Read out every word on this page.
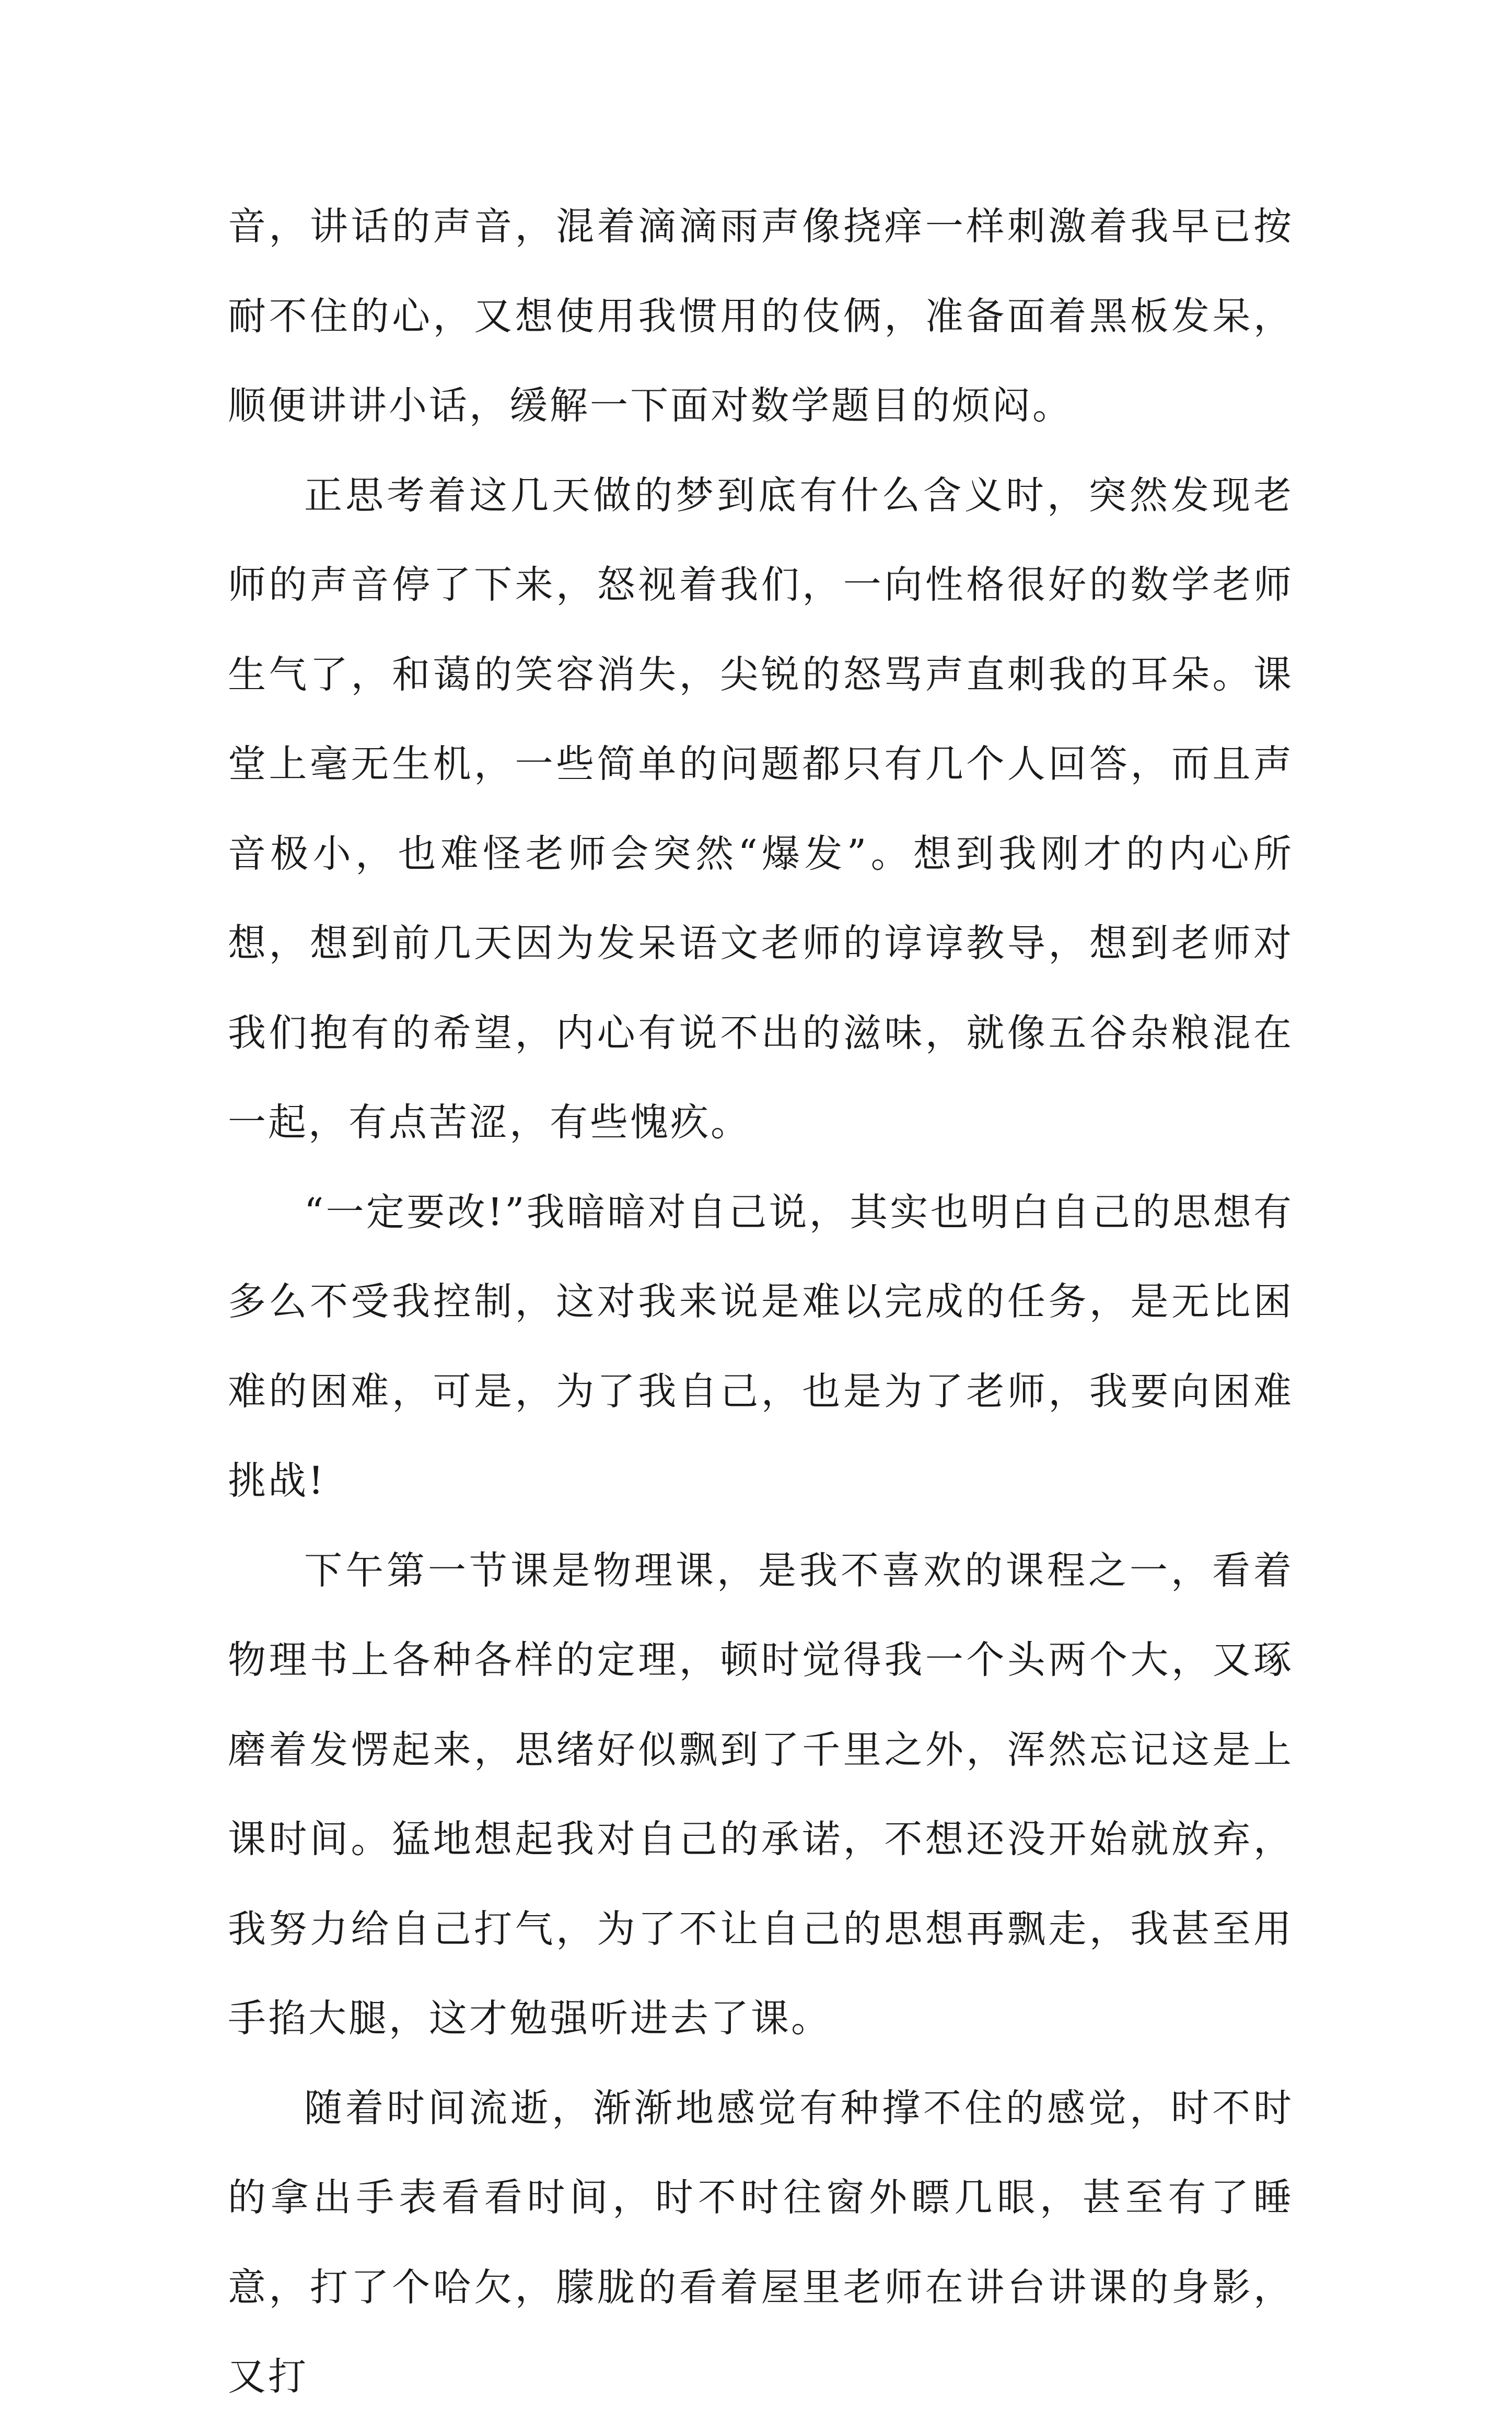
音，讲话的声音，混着滴滴雨声像挠痒一样刺激着我早已按耐不住的心，又想使用我惯用的伎俩，准备面着黑板发呆，顺便讲讲小话，缓解一下面对数学题目的烦闷。

正思考着这几天做的梦到底有什么含义时，突然发现老师的声音停了下来，怒视着我们，一向性格很好的数学老师生气了，和蔼的笑容消失，尖锐的怒骂声直刺我的耳朵。课堂上毫无生机，一些简单的问题都只有几个人回答，而且声音极小，也难怪老师会突然“爆发”。想到我刚才的内心所想，想到前几天因为发呆语文老师的谆谆教导，想到老师对我们抱有的希望，内心有说不出的滋味，就像五谷杂粮混在一起，有点苦涩，有些愧疚。

“一定要改!”我暗暗对自己说，其实也明白自己的思想有多么不受我控制，这对我来说是难以完成的任务，是无比困难的困难，可是，为了我自己，也是为了老师，我要向困难挑战!

下午第一节课是物理课，是我不喜欢的课程之一，看着物理书上各种各样的定理，顿时觉得我一个头两个大，又琢磨着发愣起来，思绪好似飘到了千里之外，浑然忘记这是上课时间。猛地想起我对自己的承诺，不想还没开始就放弃，我努力给自己打气，为了不让自己的思想再飘走，我甚至用手掐大腿，这才勉强听进去了课。

随着时间流逝，渐渐地感觉有种撑不住的感觉，时不时的拿出手表看看时间，时不时往窗外瞟几眼，甚至有了睡意，打了个哈欠，朦胧的看着屋里老师在讲台讲课的身影，又打
